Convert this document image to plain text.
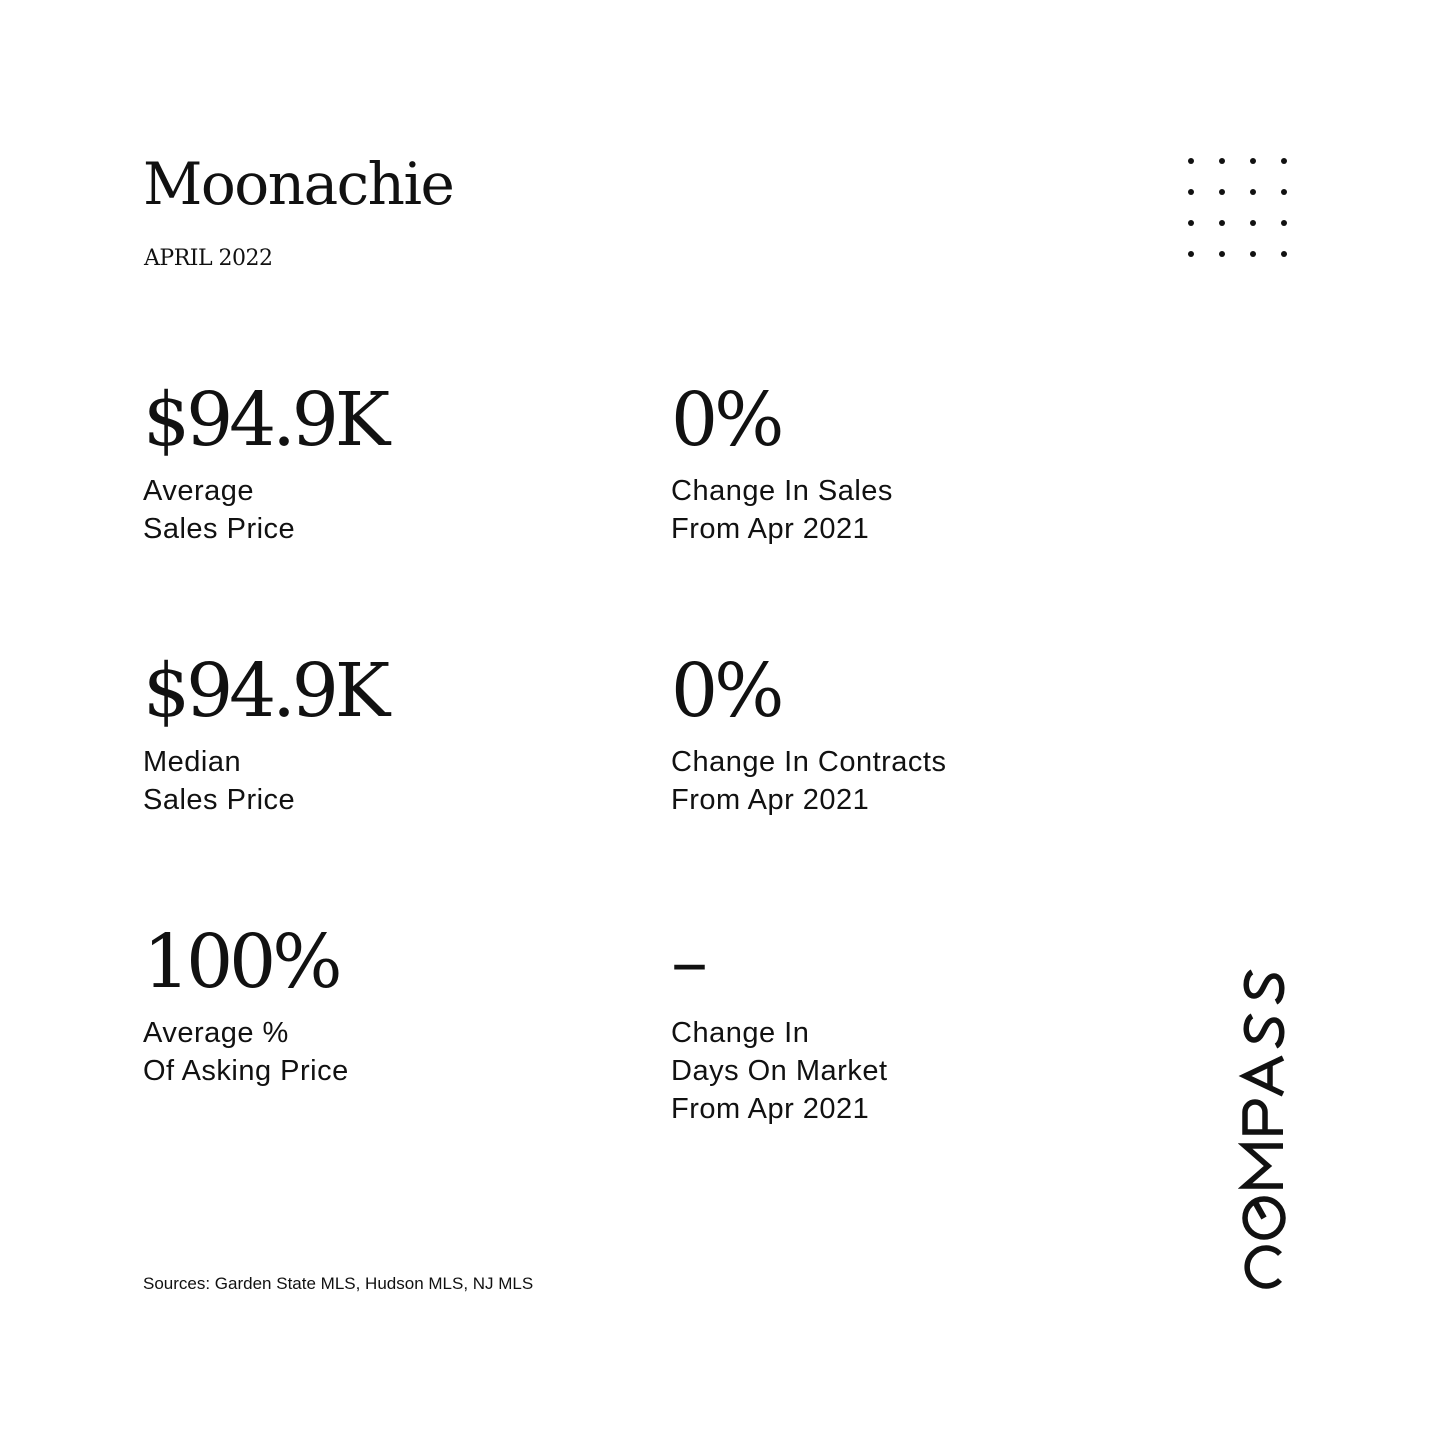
Moonachie
APRIL 2022
$94.9K
Average
Sales Price
0%
Change In Sales
From Apr 2021
$94.9K
Median
Sales Price
0%
Change In Contracts
From Apr 2021
100%
Average %
Of Asking Price
–
Change In
Days On Market
From Apr 2021
Sources: Garden State MLS, Hudson MLS, NJ MLS
